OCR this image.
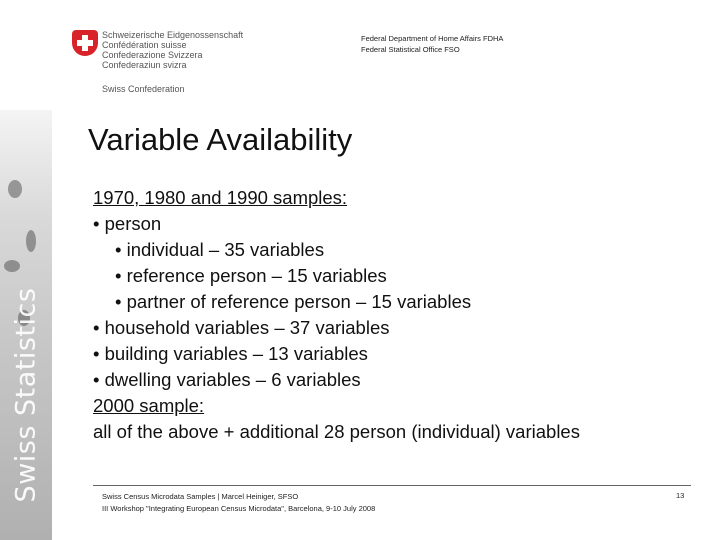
Swiss Statistics
Schweizerische Eidgenossenschaft
Confédération suisse
Confederazione Svizzera
Confederaziun svizra
Swiss Confederation
Federal Department of Home Affairs FDHA
Federal Statistical Office FSO
Variable Availability
1970, 1980 and 1990 samples:
• person
• individual – 35 variables
• reference person – 15 variables
• partner of reference person – 15 variables
• household variables – 37 variables
• building variables – 13 variables
• dwelling variables – 6 variables
2000 sample:
all of the above + additional 28 person (individual) variables
Swiss Census Microdata Samples | Marcel Heiniger, SFSO
III Workshop "Integrating European Census Microdata", Barcelona, 9-10 July 2008
13
